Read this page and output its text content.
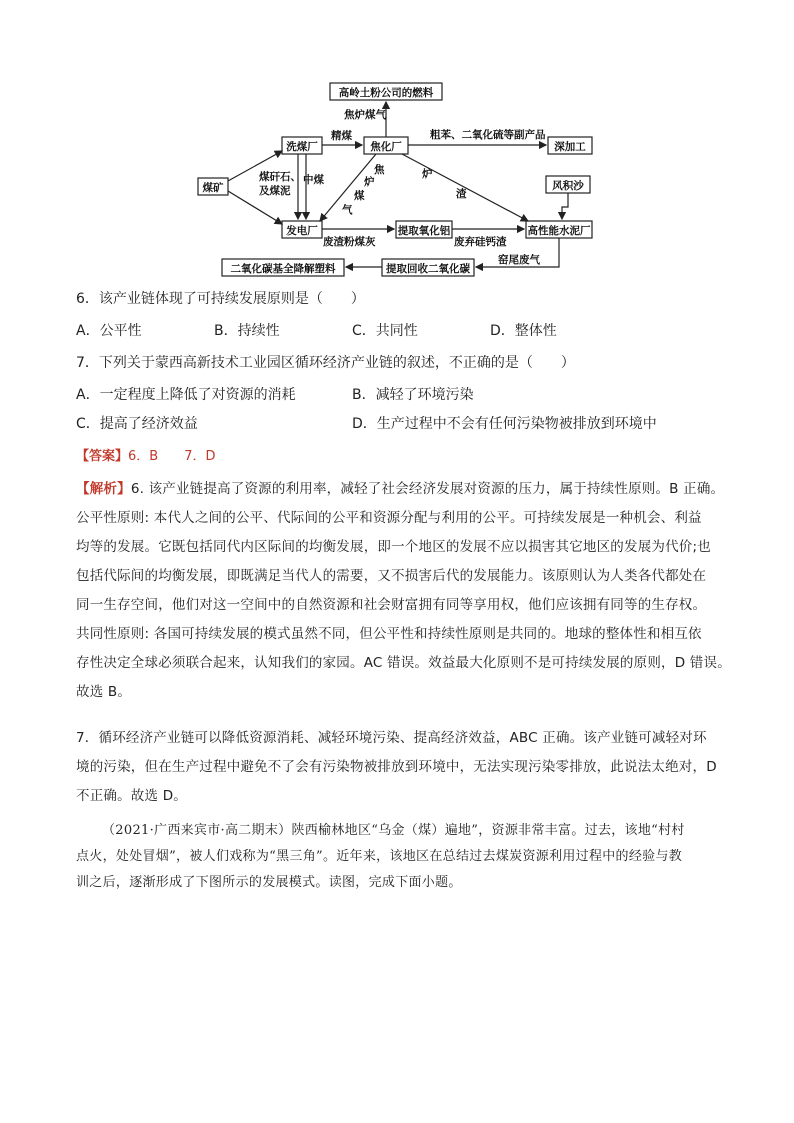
高岭土粉公司的燃料
洗煤厂	焦化厂	深加工
煤矿	风积沙
发电厂	提取氧化铝	高性能水泥厂
二氧化碳基全降解塑料	提取回收二氧化碳
焦炉煤气
精煤	粗苯、二氧化硫等副产品
煤矸石、
及煤泥
中煤
焦
炉
煤
气
炉
渣
废渣粉煤灰	废弃硅钙渣
窑尾废气
6．该产业链体现了可持续发展原则是（　　）
A．公平性	B．持续性	C．共同性	D．整体性
7．下列关于蒙西高新技术工业园区循环经济产业链的叙述，不正确的是（　　）
A．一定程度上降低了对资源的消耗	B．减轻了环境污染
C．提高了经济效益	D．生产过程中不会有任何污染物被排放到环境中
【答案】6．B　　7．D
【解析】6. 该产业链提高了资源的利用率，减轻了社会经济发展对资源的压力，属于持续性原则。B 正确。
公平性原则: 本代人之间的公平、代际间的公平和资源分配与利用的公平。可持续发展是一种机会、利益
均等的发展。它既包括同代内区际间的均衡发展，即一个地区的发展不应以损害其它地区的发展为代价;也
包括代际间的均衡发展，即既满足当代人的需要，又不损害后代的发展能力。该原则认为人类各代都处在
同一生存空间，他们对这一空间中的自然资源和社会财富拥有同等享用权，他们应该拥有同等的生存权。
共同性原则: 各国可持续发展的模式虽然不同，但公平性和持续性原则是共同的。地球的整体性和相互依
存性决定全球必须联合起来，认知我们的家园。AC 错误。效益最大化原则不是可持续发展的原则，D 错误。
故选 B。
7．循环经济产业链可以降低资源消耗、减轻环境污染、提高经济效益，ABC 正确。该产业链可减轻对环
境的污染，但在生产过程中避免不了会有污染物被排放到环境中，无法实现污染零排放，此说法太绝对，D
不正确。故选 D。
（2021·广西来宾市·高二期末）陕西榆林地区“乌金（煤）遍地”，资源非常丰富。过去，该地“村村
点火，处处冒烟”，被人们戏称为“黑三角”。近年来，该地区在总结过去煤炭资源利用过程中的经验与教
训之后，逐渐形成了下图所示的发展模式。读图，完成下面小题。
